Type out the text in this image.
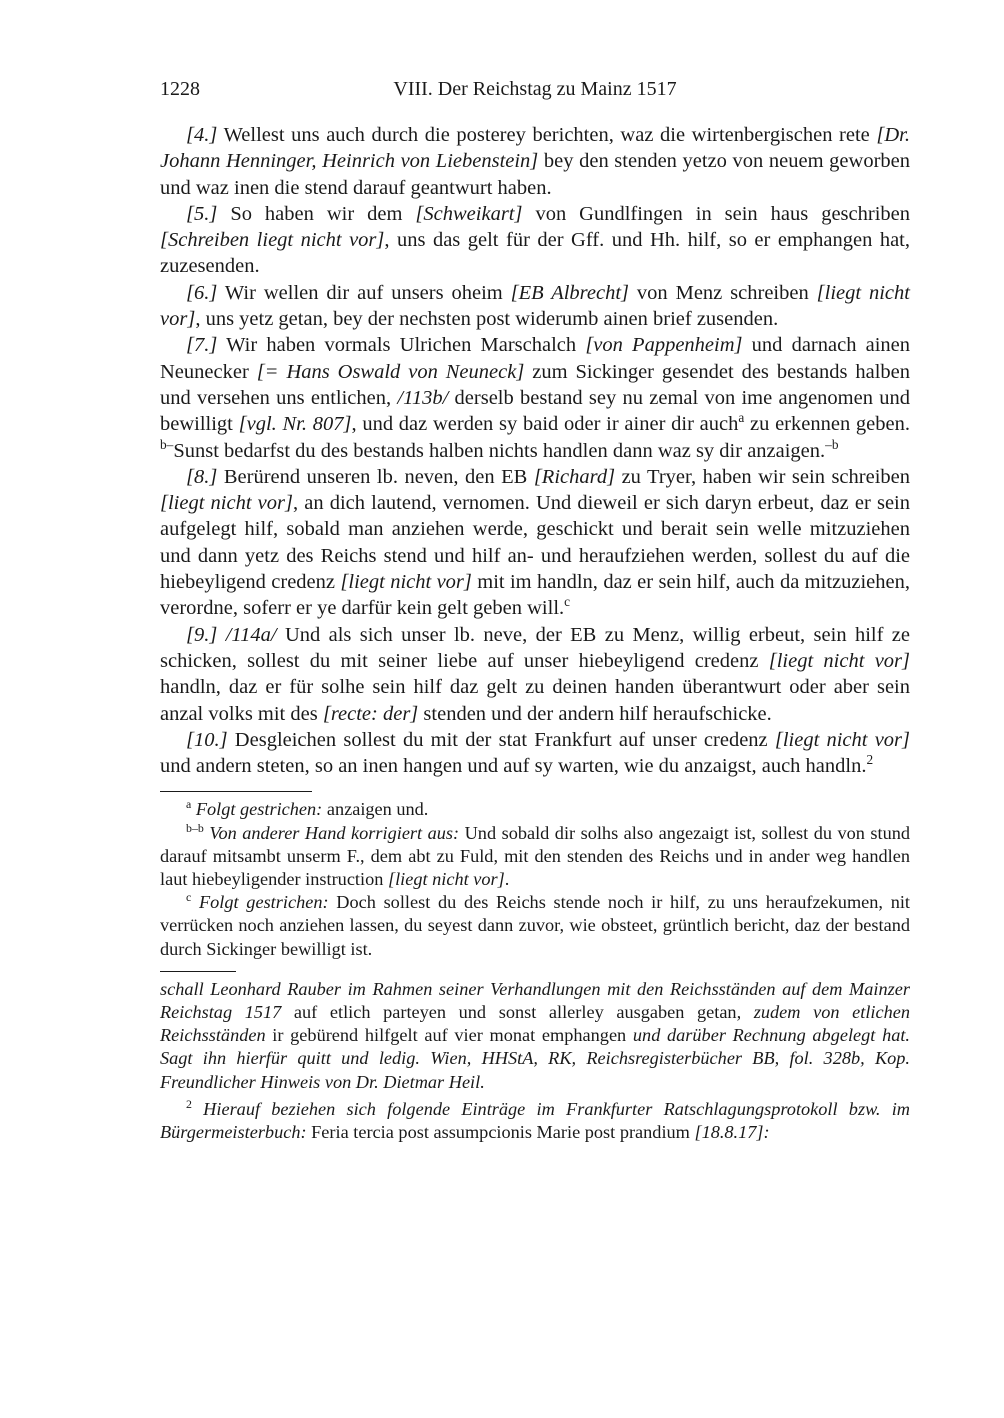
1228	VIII. Der Reichstag zu Mainz 1517

[4.] Wellest uns auch durch die posterey berichten, waz die wirtenbergischen rete [Dr. Johann Henninger, Heinrich von Liebenstein] bey den stenden yetzo von neuem geworben und waz inen die stend darauf geantwurt haben.

[5.] So haben wir dem [Schweikart] von Gundlfingen in sein haus geschriben [Schreiben liegt nicht vor], uns das gelt für der Gff. und Hh. hilf, so er emphangen hat, zuzesenden.

[6.] Wir wellen dir auf unsers oheim [EB Albrecht] von Menz schreiben [liegt nicht vor], uns yetz getan, bey der nechsten post widerumb ainen brief zusenden.

[7.] Wir haben vormals Ulrichen Marschalch [von Pappenheim] und darnach ainen Neunecker [= Hans Oswald von Neuneck] zum Sickinger gesendet des bestands halben und versehen uns entlichen, /113b/ derselb bestand sey nu zemal von ime angenomen und bewilligt [vgl. Nr. 807], und daz werden sy baid oder ir ainer dir auch$^a$ zu erkennen geben. $^{b-}$Sunst bedarfst du des bestands halben nichts handlen dann waz sy dir anzaigen.$^{-b}$

[8.] Berürend unseren lb. neven, den EB [Richard] zu Tryer, haben wir sein schreiben [liegt nicht vor], an dich lautend, vernomen. Und dieweil er sich daryn erbeut, daz er sein aufgelegt hilf, sobald man anziehen werde, geschickt und berait sein welle mitzuziehen und dann yetz des Reichs stend und hilf an- und heraufziehen werden, sollest du auf die hiebeyligend credenz [liegt nicht vor] mit im handln, daz er sein hilf, auch da mitzuziehen, verordne, soferr er ye darfür kein gelt geben will.$^c$

[9.] /114a/ Und als sich unser lb. neve, der EB zu Menz, willig erbeut, sein hilf ze schicken, sollest du mit seiner liebe auf unser hiebeyligend credenz [liegt nicht vor] handln, daz er für solhe sein hilf daz gelt zu deinen handen überantwurt oder aber sein anzal volks mit des [recte: der] stenden und der andern hilf heraufschicke.

[10.] Desgleichen sollest du mit der stat Frankfurt auf unser credenz [liegt nicht vor] und andern steten, so an inen hangen und auf sy warten, wie du anzaigst, auch handln.$^2$

$^a$ Folgt gestrichen: anzaigen und.

$^{b-b}$ Von anderer Hand korrigiert aus: Und sobald dir solhs also angezaigt ist, sollest du von stund darauf mitsambt unserm F., dem abt zu Fuld, mit den stenden des Reichs und in ander weg handlen laut hiebeyligender instruction [liegt nicht vor].

$^c$ Folgt gestrichen: Doch sollest du des Reichs stende noch ir hilf, zu uns heraufzekumen, nit verrücken noch anziehen lassen, du seyest dann zuvor, wie obsteet, grüntlich bericht, daz der bestand durch Sickinger bewilligt ist.

schall Leonhard Rauber im Rahmen seiner Verhandlungen mit den Reichsständen auf dem Mainzer Reichstag 1517 auf etlich parteyen und sonst allerley ausgaben getan, zudem von etlichen Reichsständen ir gebürend hilfgelt auf vier monat emphangen und darüber Rechnung abgelegt hat. Sagt ihn hierfür quitt und ledig. Wien, HHStA, RK, Reichsregisterbücher BB, fol. 328b, Kop. Freundlicher Hinweis von Dr. Dietmar Heil.

$^2$ Hierauf beziehen sich folgende Einträge im Frankfurter Ratschlagungsprotokoll bzw. im Bürgermeisterbuch: Feria tercia post assumpcionis Marie post prandium [18.8.17]:
